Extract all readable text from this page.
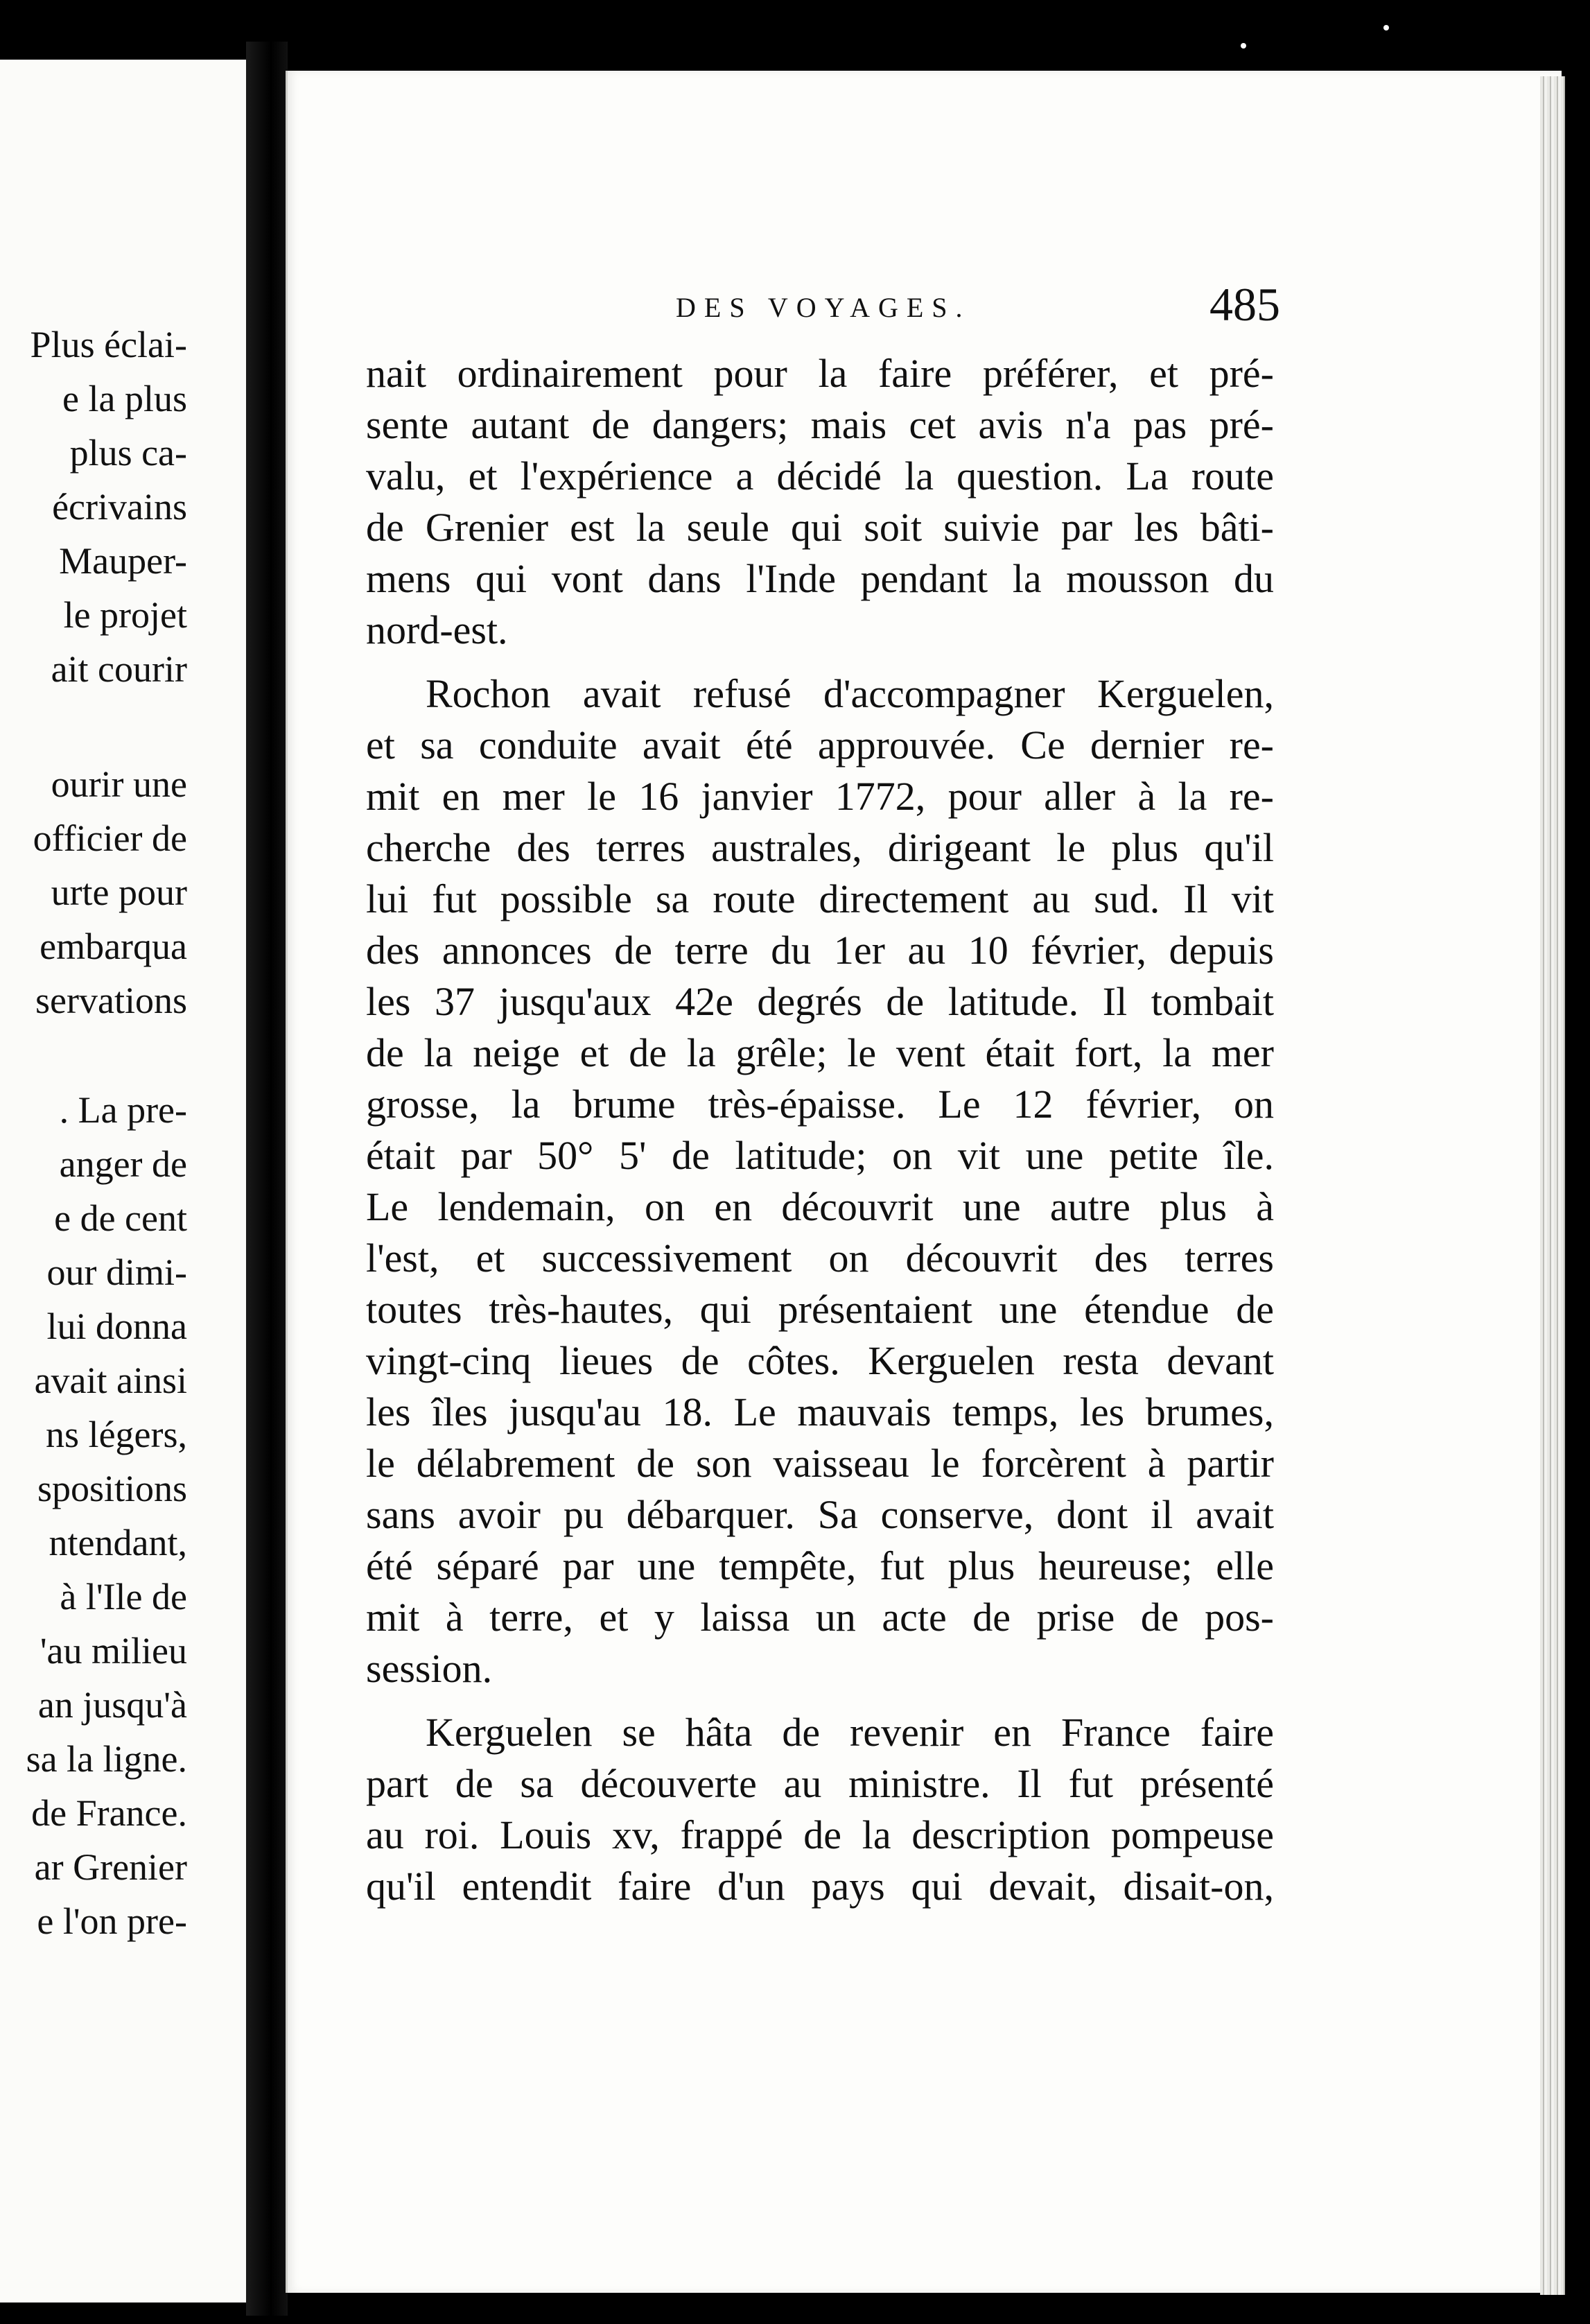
Plus éclai-
e la plus
plus ca-
écrivains
Mauper-
le projet
ait courir
ourir une
officier de
urte pour
embarqua
servations
. La pre-
anger de
e de cent
our dimi-
lui donna
avait ainsi
ns légers,
spositions
ntendant,
à l'Ile de
'au milieu
an jusqu'à
sa la ligne.
de France.
ar Grenier
e l'on pre-
DES VOYAGES.	485
nait ordinairement pour la faire préférer, et pré-
sente autant de dangers; mais cet avis n'a pas pré-
valu, et l'expérience a décidé la question. La route
de Grenier est la seule qui soit suivie par les bâti-
mens qui vont dans l'Inde pendant la mousson du
nord-est.
Rochon avait refusé d'accompagner Kerguelen,
et sa conduite avait été approuvée. Ce dernier re-
mit en mer le 16 janvier 1772, pour aller à la re-
cherche des terres australes, dirigeant le plus qu'il
lui fut possible sa route directement au sud. Il vit
des annonces de terre du 1er au 10 février, depuis
les 37 jusqu'aux 42e degrés de latitude. Il tombait
de la neige et de la grêle; le vent était fort, la mer
grosse, la brume très-épaisse. Le 12 février, on
était par 50° 5' de latitude; on vit une petite île.
Le lendemain, on en découvrit une autre plus à
l'est, et successivement on découvrit des terres
toutes très-hautes, qui présentaient une étendue de
vingt-cinq lieues de côtes. Kerguelen resta devant
les îles jusqu'au 18. Le mauvais temps, les brumes,
le délabrement de son vaisseau le forcèrent à partir
sans avoir pu débarquer. Sa conserve, dont il avait
été séparé par une tempête, fut plus heureuse; elle
mit à terre, et y laissa un acte de prise de pos-
session.
Kerguelen se hâta de revenir en France faire
part de sa découverte au ministre. Il fut présenté
au roi. Louis xv, frappé de la description pompeuse
qu'il entendit faire d'un pays qui devait, disait-on,
